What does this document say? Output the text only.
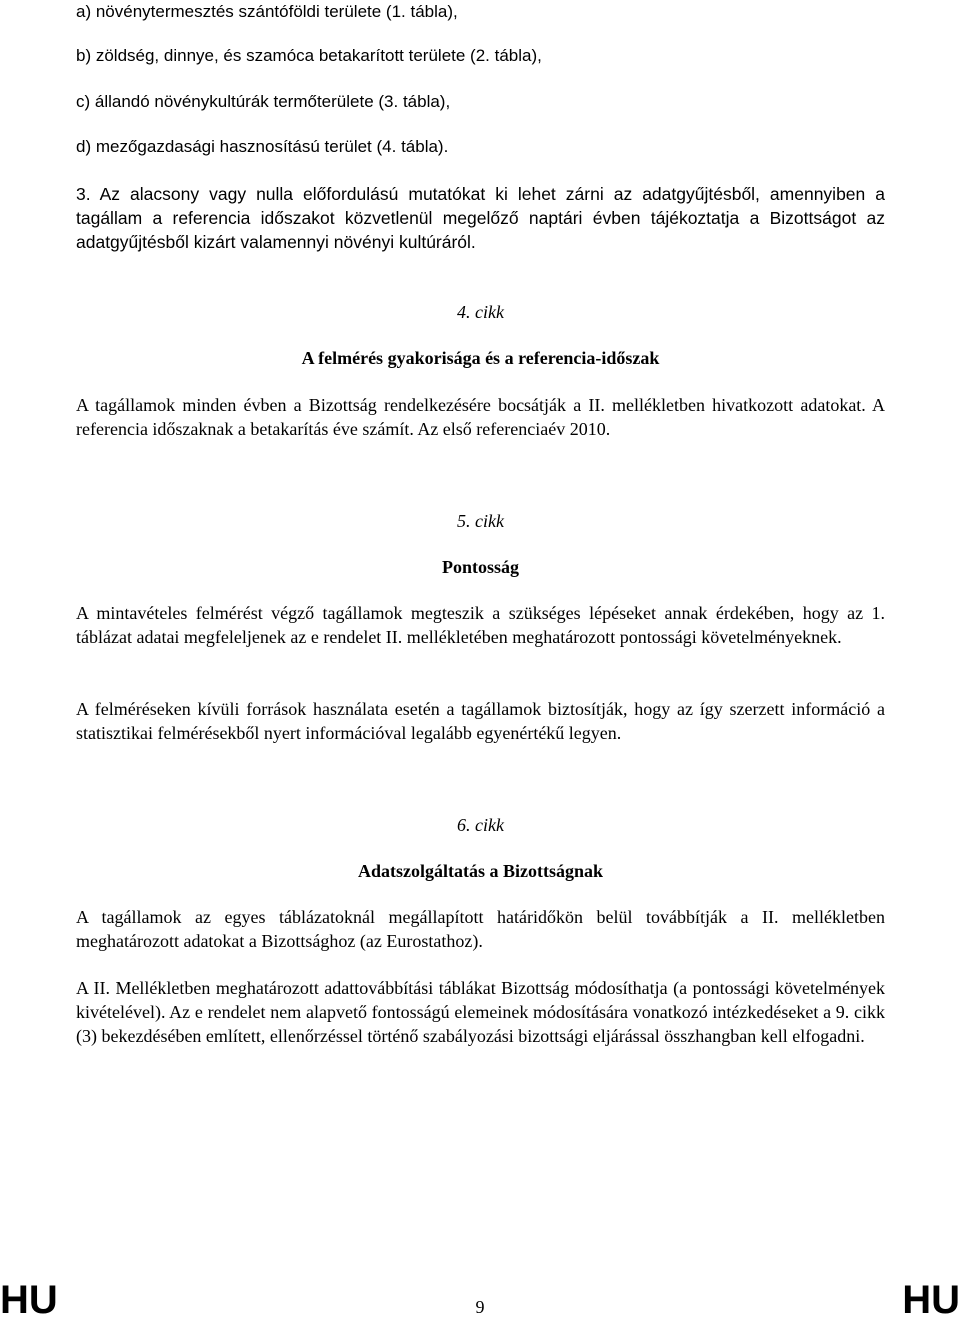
a) növénytermesztés szántóföldi területe (1. tábla),
b) zöldség, dinnye, és szamóca betakarított területe (2. tábla),
c) állandó növénykultúrák termőterülete (3. tábla),
d) mezőgazdasági hasznosítású terület (4. tábla).

3. Az alacsony vagy nulla előfordulású mutatókat ki lehet zárni az adatgyűjtésből, amennyiben a tagállam a referencia időszakot közvetlenül megelőző naptári évben tájékoztatja a Bizottságot az adatgyűjtésből kizárt valamennyi növényi kultúráról.

4. cikk

A felmérés gyakorisága és a referencia-időszak

A tagállamok minden évben a Bizottság rendelkezésére bocsátják a II. mellékletben hivatkozott adatokat. A referencia időszaknak a betakarítás éve számít. Az első referenciaév 2010.

5. cikk

Pontosság

A mintavételes felmérést végző tagállamok megteszik a szükséges lépéseket annak érdekében, hogy az 1. táblázat adatai megfeleljenek az e rendelet II. mellékletében meghatározott pontossági követelményeknek.

A felméréseken kívüli források használata esetén a tagállamok biztosítják, hogy az így szerzett információ a statisztikai felmérésekből nyert információval legalább egyenértékű legyen.

6. cikk

Adatszolgáltatás a Bizottságnak

A tagállamok az egyes táblázatoknál megállapított határidőkön belül továbbítják a II. mellékletben meghatározott adatokat a Bizottsághoz (az Eurostathoz).

A II. Mellékletben meghatározott adattovábbítási táblákat Bizottság módosíthatja (a pontossági követelmények kivételével). Az e rendelet nem alapvető fontosságú elemeinek módosítására vonatkozó intézkedéseket a 9. cikk (3) bekezdésében említett, ellenőrzéssel történő szabályozási bizottsági eljárással összhangban kell elfogadni.

HU	9	HU
